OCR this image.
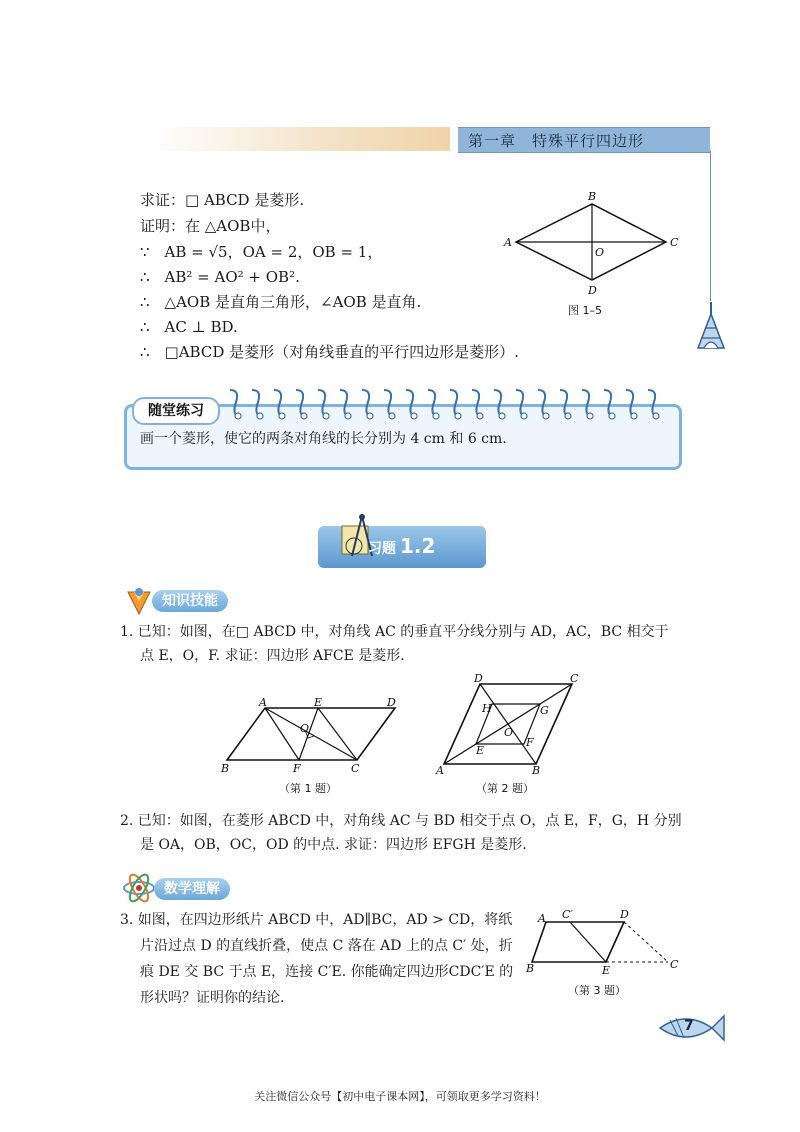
第一章　特殊平行四边形
求证：□ ABCD 是菱形.
证明：在 △AOB中，
∵　AB = √5，OA = 2，OB = 1，
∴　AB² = AO² + OB².
∴　△AOB 是直角三角形，∠AOB 是直角.
∴　AC ⊥ BD.
∴　□ABCD 是菱形（对角线垂直的平行四边形是菱形）.
A
B
C
D
O
图 1–5
随堂练习
画一个菱形，使它的两条对角线的长分别为 4 cm 和 6 cm.
习题 1.2
知识技能
1. 已知：如图，在□ ABCD 中，对角线 AC 的垂直平分线分别与 AD，AC，BC 相交于
点 E，O，F. 求证：四边形 AFCE 是菱形.
A	E	D
O
B	F	C
（第 1 题）
D	C
H	G
O
E
F
A	B
（第 2 题）
2. 已知：如图，在菱形 ABCD 中，对角线 AC 与 BD 相交于点 O，点 E，F，G，H 分别
是 OA，OB，OC，OD 的中点. 求证：四边形 EFGH 是菱形.
数学理解
3. 如图，在四边形纸片 ABCD 中，AD∥BC，AD > CD，将纸
片沿过点 D 的直线折叠，使点 C 落在 AD 上的点 C′ 处，折
痕 DE 交 BC 于点 E，连接 C′E. 你能确定四边形CDC′E 的
形状吗？证明你的结论.
A C′	D
B	E	C
（第 3 题）
7
关注微信公众号【初中电子课本网】，可领取更多学习资料！
